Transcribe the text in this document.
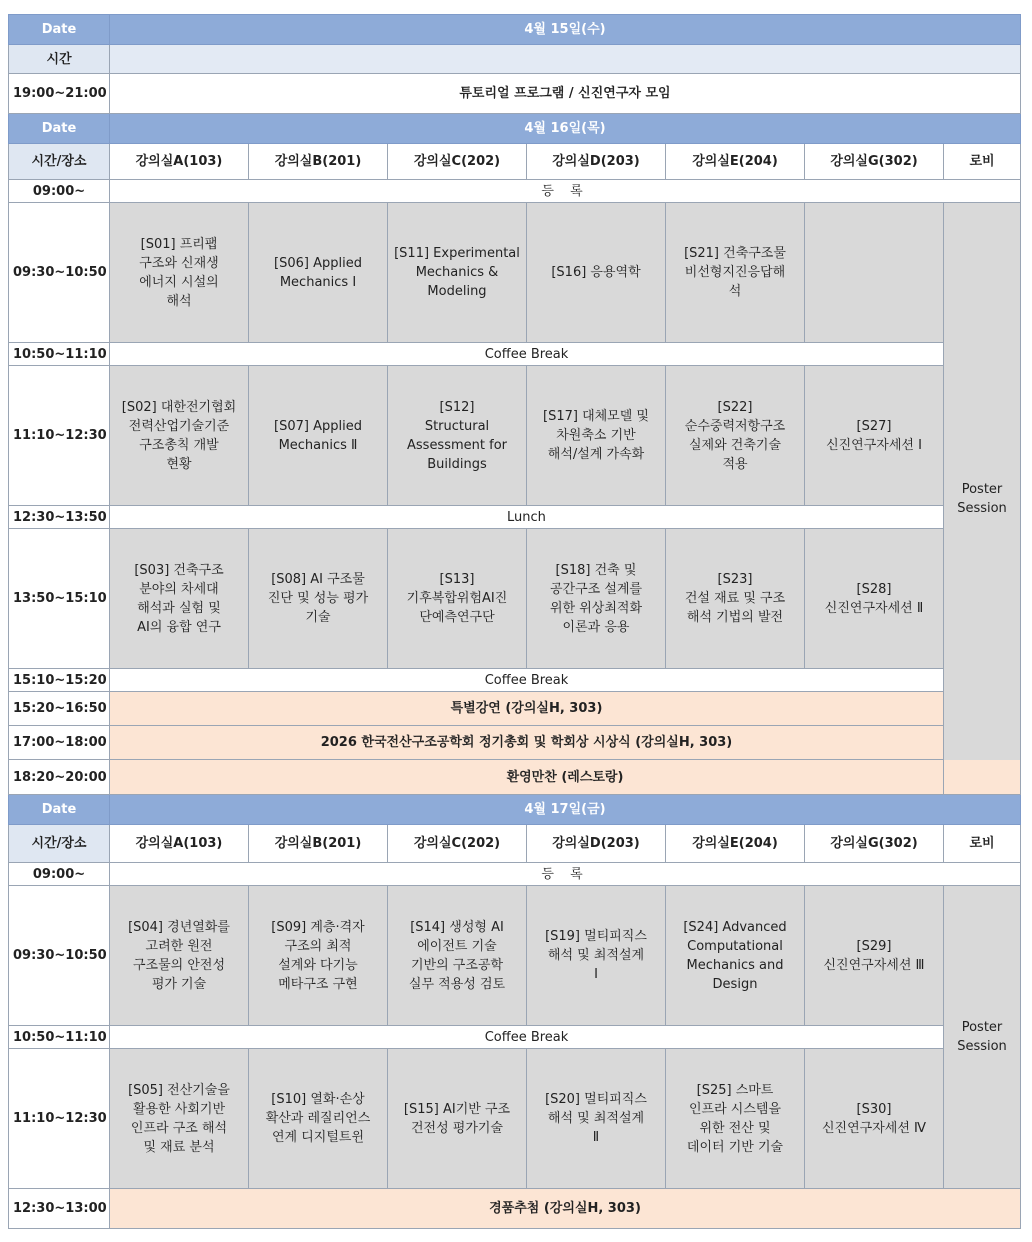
Date	4월 15일(수)						
시간							
19:00~21:00	튜토리얼 프로그램 / 신진연구자 모임						
Date	4월 16일(목)						
시간/장소	강의실A(103)	강의실B(201)	강의실C(202)	강의실D(203)	강의실E(204)	강의실G(302)	로비
09:00~	등 록						
09:30~10:50	[S01] 프리팹
구조와 신재생
에너지 시설의
해석	[S06] Applied
Mechanics Ⅰ	[S11] Experimental
Mechanics &
Modeling	[S16] 응용역학	[S21] 건축구조물
비선형지진응답해
석		Poster
Session
10:50~11:10	Coffee Break						
11:10~12:30	[S02] 대한전기협회
전력산업기술기준
구조총칙 개발
현황	[S07] Applied
Mechanics Ⅱ	[S12]
Structural
Assessment for
Buildings	[S17] 대체모델 및
차원축소 기반
해석/설계 가속화	[S22]
순수중력저항구조
실제와 건축기술
적용	[S27]
신진연구자세션 Ⅰ	
12:30~13:50	Lunch						
13:50~15:10	[S03] 건축구조
분야의 차세대
해석과 실험 및
AI의 융합 연구	[S08] AI 구조물
진단 및 성능 평가
기술	[S13]
기후복합위험AI진
단예측연구단	[S18] 건축 및
공간구조 설계를
위한 위상최적화
이론과 응용	[S23]
건설 재료 및 구조
해석 기법의 발전	[S28]
신진연구자세션 Ⅱ	
15:10~15:20	Coffee Break						
15:20~16:50	특별강연 (강의실H, 303)						
17:00~18:00	2026 한국전산구조공학회 정기총회 및 학회상 시상식 (강의실H, 303)						
18:20~20:00	환영만찬 (레스토랑)						
Date	4월 17일(금)						
시간/장소	강의실A(103)	강의실B(201)	강의실C(202)	강의실D(203)	강의실E(204)	강의실G(302)	로비
09:00~	등 록						
09:30~10:50	[S04] 경년열화를
고려한 원전
구조물의 안전성
평가 기술	[S09] 계층·격자
구조의 최적
설계와 다기능
메타구조 구현	[S14] 생성형 AI
에이전트 기술
기반의 구조공학
실무 적용성 검토	[S19] 멀티피직스
해석 및 최적설계
Ⅰ	[S24] Advanced
Computational
Mechanics and
Design	[S29]
신진연구자세션 Ⅲ	Poster
Session
10:50~11:10	Coffee Break						
11:10~12:30	[S05] 전산기술을
활용한 사회기반
인프라 구조 해석
및 재료 분석	[S10] 열화·손상
확산과 레질리언스
연계 디지털트윈	[S15] AI기반 구조
건전성 평가기술	[S20] 멀티피직스
해석 및 최적설계
Ⅱ	[S25] 스마트
인프라 시스템을
위한 전산 및
데이터 기반 기술	[S30]
신진연구자세션 Ⅳ	
12:30~13:00	경품추첨 (강의실H, 303)						
